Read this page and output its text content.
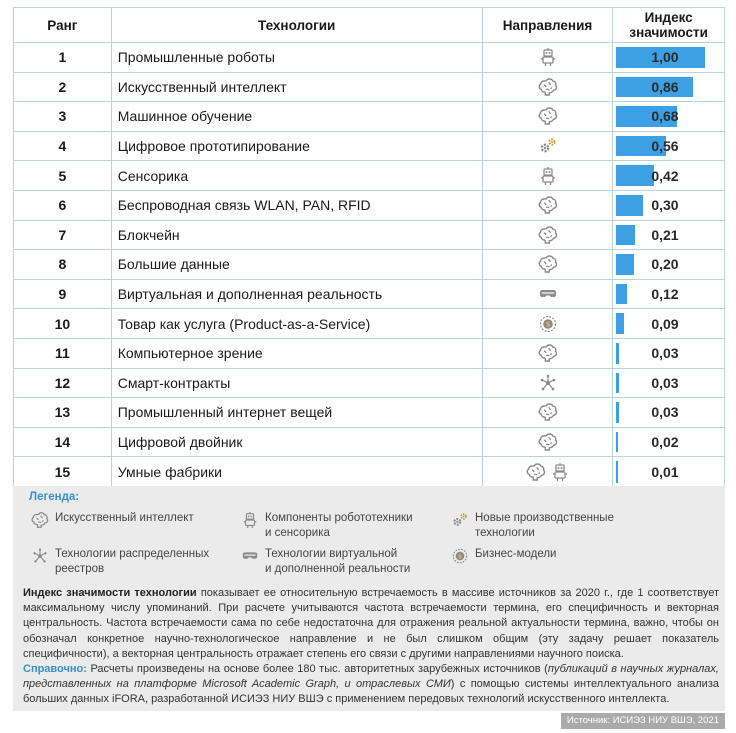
Ранг	Технологии	Направления	Индекс
значимости
1	Промышленные роботы	1,00
2	Искусственный интеллект	0,86
3	Машинное обучение	0,68
4	Цифровое прототипирование	0,56
5	Сенсорика	0,42
6	Беспроводная связь WLAN, PAN, RFID	0,30
7	Блокчейн	0,21
8	Большие данные	0,20
9	Виртуальная и дополненная реальность	0,12
10	Товар как услуга (Product-as-a-Service)	$	0,09
11	Компьютерное зрение	0,03
12	Смарт-контракты	0,03
13	Промышленный интернет вещей	0,03
14	Цифровой двойник	0,02
15	Умные фабрики	0,01
Легенда:
Искусственный интеллект	Компоненты робототехники
и сенсорика
Новые производственные
технологии
Технологии распределенных
реестров
Технологии виртуальной
и дополненной реальности
$ Бизнес-модели
Индекс значимости технологии показывает ее относительную встречаемость в массиве источников за 2020 г., где 1 соответствует максимальному числу упоминаний. При расчете учитываются частота встречаемости термина, его специфичность и векторная центральность. Частота встречаемости сама по себе недостаточна для отражения реальной актуальности термина, важно, чтобы он обозначал конкретное научно-технологическое направление и не был слишком общим (эту задачу решает показатель специфичности), а векторная центральность отражает степень его связи с другими направлениями научного поиска.
Справочно: Расчеты произведены на основе более 180 тыс. авторитетных зарубежных источников (публикаций в научных журналах, представленных на платформе Microsoft Academic Graph, и отраслевых СМИ) с помощью системы интеллектуального анализа больших данных iFORA, разработанной ИСИЭЗ НИУ ВШЭ с применением передовых технологий искусственного интеллекта.
Источник: ИСИЭЗ НИУ ВШЭ, 2021
